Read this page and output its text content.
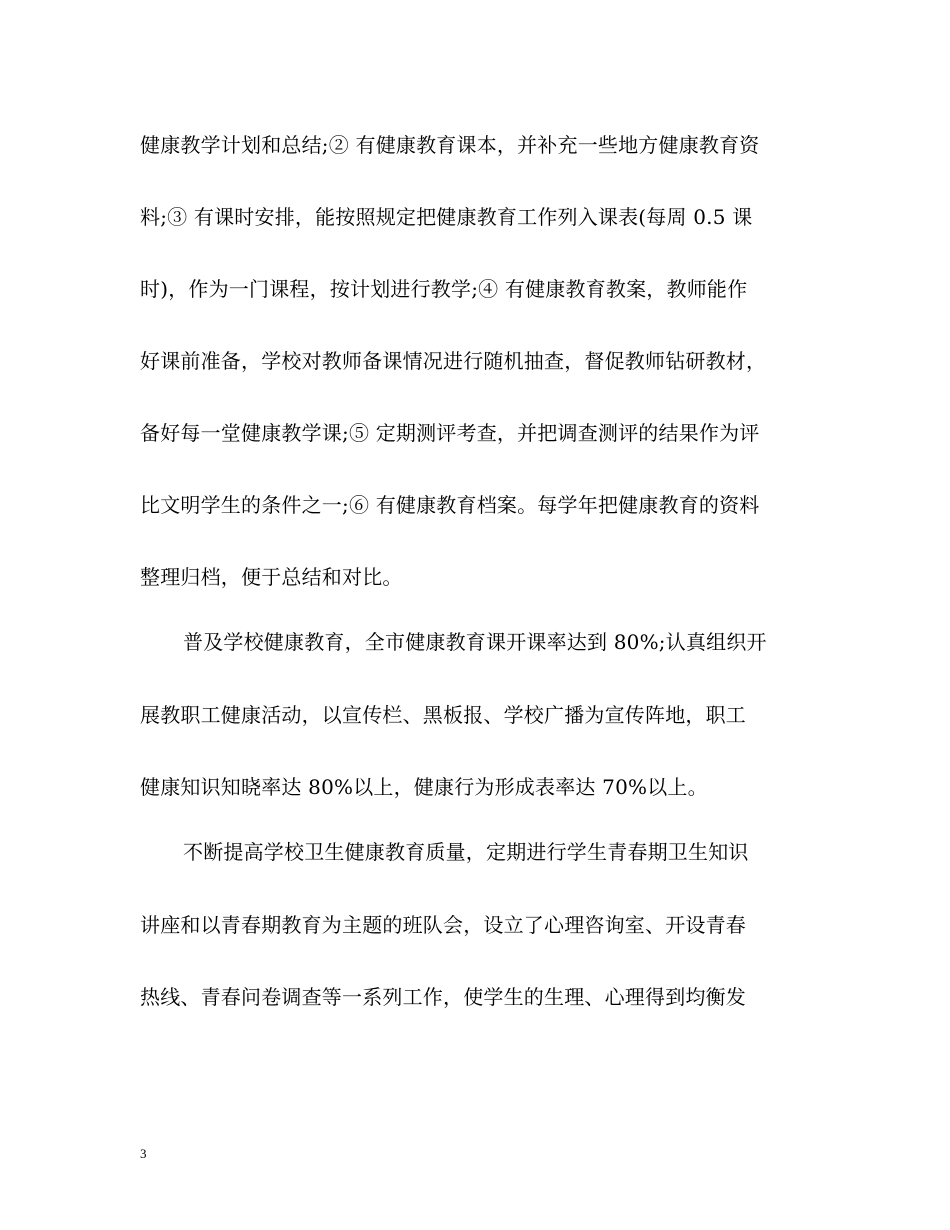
健康教学计划和总结;② 有健康教育课本，并补充一些地方健康教育资
料;③ 有课时安排，能按照规定把健康教育工作列入课表(每周 0.5 课
时)，作为一门课程，按计划进行教学;④ 有健康教育教案，教师能作
好课前准备，学校对教师备课情况进行随机抽查，督促教师钻研教材，
备好每一堂健康教学课;⑤ 定期测评考查，并把调查测评的结果作为评
比文明学生的条件之一;⑥ 有健康教育档案。每学年把健康教育的资料
整理归档，便于总结和对比。
普及学校健康教育，全市健康教育课开课率达到 80%;认真组织开
展教职工健康活动，以宣传栏、黑板报、学校广播为宣传阵地，职工
健康知识知晓率达 80%以上，健康行为形成表率达 70%以上。
不断提高学校卫生健康教育质量，定期进行学生青春期卫生知识
讲座和以青春期教育为主题的班队会，设立了心理咨询室、开设青春
热线、青春问卷调查等一系列工作，使学生的生理、心理得到均衡发
3
